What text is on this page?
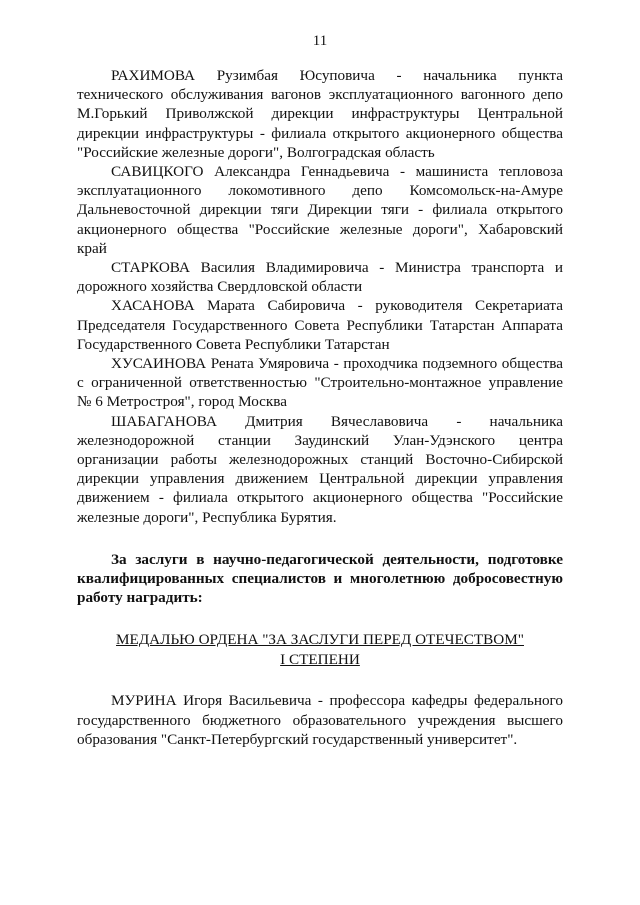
11

РАХИМОВА Рузимбая Юсуповича - начальника пункта технического обслуживания вагонов эксплуатационного вагонного депо М.Горький Приволжской дирекции инфраструктуры Центральной дирекции инфраструктуры - филиала открытого акционерного общества "Российские железные дороги", Волгоградская область

САВИЦКОГО Александра Геннадьевича - машиниста тепловоза эксплуатационного локомотивного депо Комсомольск-на-Амуре Дальневосточной дирекции тяги Дирекции тяги - филиала открытого акционерного общества "Российские железные дороги", Хабаровский край

СТАРКОВА Василия Владимировича - Министра транспорта и дорожного хозяйства Свердловской области

ХАСАНОВА Марата Сабировича - руководителя Секретариата Председателя Государственного Совета Республики Татарстан Аппарата Государственного Совета Республики Татарстан

ХУСАИНОВА Рената Умяровича - проходчика подземного общества с ограниченной ответственностью "Строительно-монтажное управление № 6 Метростроя", город Москва

ШАБАГАНОВА Дмитрия Вячеславовича - начальника железнодорожной станции Заудинский Улан-Удэнского центра организации работы железнодорожных станций Восточно-Сибирской дирекции управления движением Центральной дирекции управления движением - филиала открытого акционерного общества "Российские железные дороги", Республика Бурятия.

За заслуги в научно-педагогической деятельности, подготовке квалифицированных специалистов и многолетнюю добросовестную работу наградить:

МЕДАЛЬЮ ОРДЕНА "ЗА ЗАСЛУГИ ПЕРЕД ОТЕЧЕСТВОМ"
I СТЕПЕНИ

МУРИНА Игоря Васильевича - профессора кафедры федерального государственного бюджетного образовательного учреждения высшего образования "Санкт-Петербургский государственный университет".
